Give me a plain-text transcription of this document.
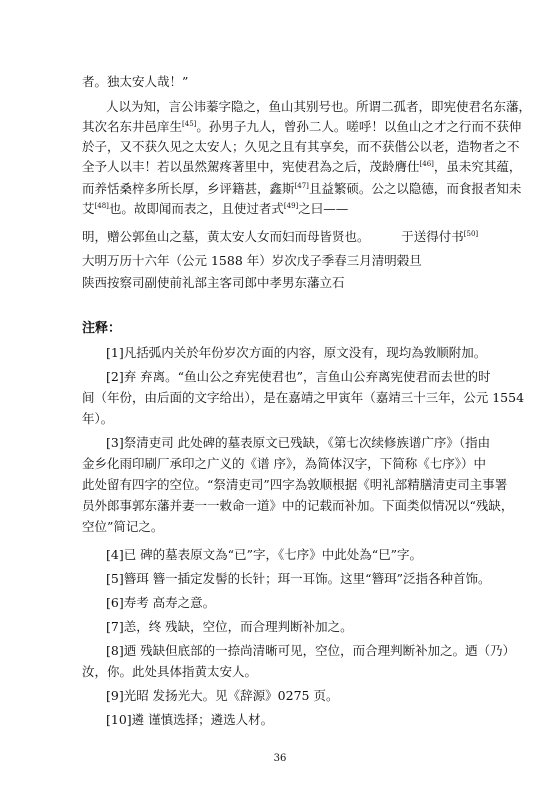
者。独太安人哉！”
人以为知，言公讳蓁字隐之，鱼山其别号也。所谓二孤者，即宪使君名东藩，
其次名东井邑庠生[45]。孙男子九人，曾孙二人。嗟呼！以鱼山之才之行而不获伸
於子，又不获久见之太安人；久见之且有其享矣，而不获偕公以老，造物者之不
全予人以丰！若以虽然駕疼著里中，宪使君為之后，茂龄膺仕[46]，虽未究其蕴，
而养恬桑梓多所长厚，乡评籍甚，鑫斯[47]且益繁硕。公之以隐德，而食报者知未
艾[48]也。故即闻而表之，且使过者式[49]之曰——
明，赠公郭鱼山之墓，黄太安人女而妇而母皆贤也。        于送得付书[50]
大明万历十六年（公元 1588 年）岁次戊子季春三月清明榖旦
陕西按察司副使前礼部主客司郎中孝男东藩立石
注释：
[1]凡括弧内关於年份岁次方面的内容，原文没有，现均為敦顺附加。
[2]弃 弃离。“鱼山公之弃宪使君也”，言鱼山公弃离宪使君而去世的时
间（年份，由后面的文字给出），是在嘉靖之甲寅年（嘉靖三十三年，公元 1554
年）。
[3]祭清吏司 此处碑的墓表原文已残缺，《第七次续修族谱广序》（指由
金乡化雨印刷厂承印之广义的《谱 序》，為简体汉字，下简称《七序》）中
此处留有四字的空位。“祭清吏司”四字為敦顺根据《明礼部精膳清吏司主事署
员外郎事郭东藩并妻一一敕命一道》中的记载而补加。下面类似情况以“残缺，
空位”简记之。
[4]已 碑的墓表原文為“已”字，《七序》中此处為“巳”字。
[5]簪珥 簪一插定发髻的长针；珥一耳饰。这里“簪珥”泛指各种首饰。
[6]寿考 高寿之意。
[7]恙，终 残缺，空位，而合理判断补加之。
[8]迺 残缺但底部的一捺尚清晰可见，空位，而合理判断补加之。迺（乃）
汝，你。此处具体指黄太安人。
[9]光昭 发扬光大。见《辞源》0275 页。
[10]遴 谨慎选择；遴选人材。
36
